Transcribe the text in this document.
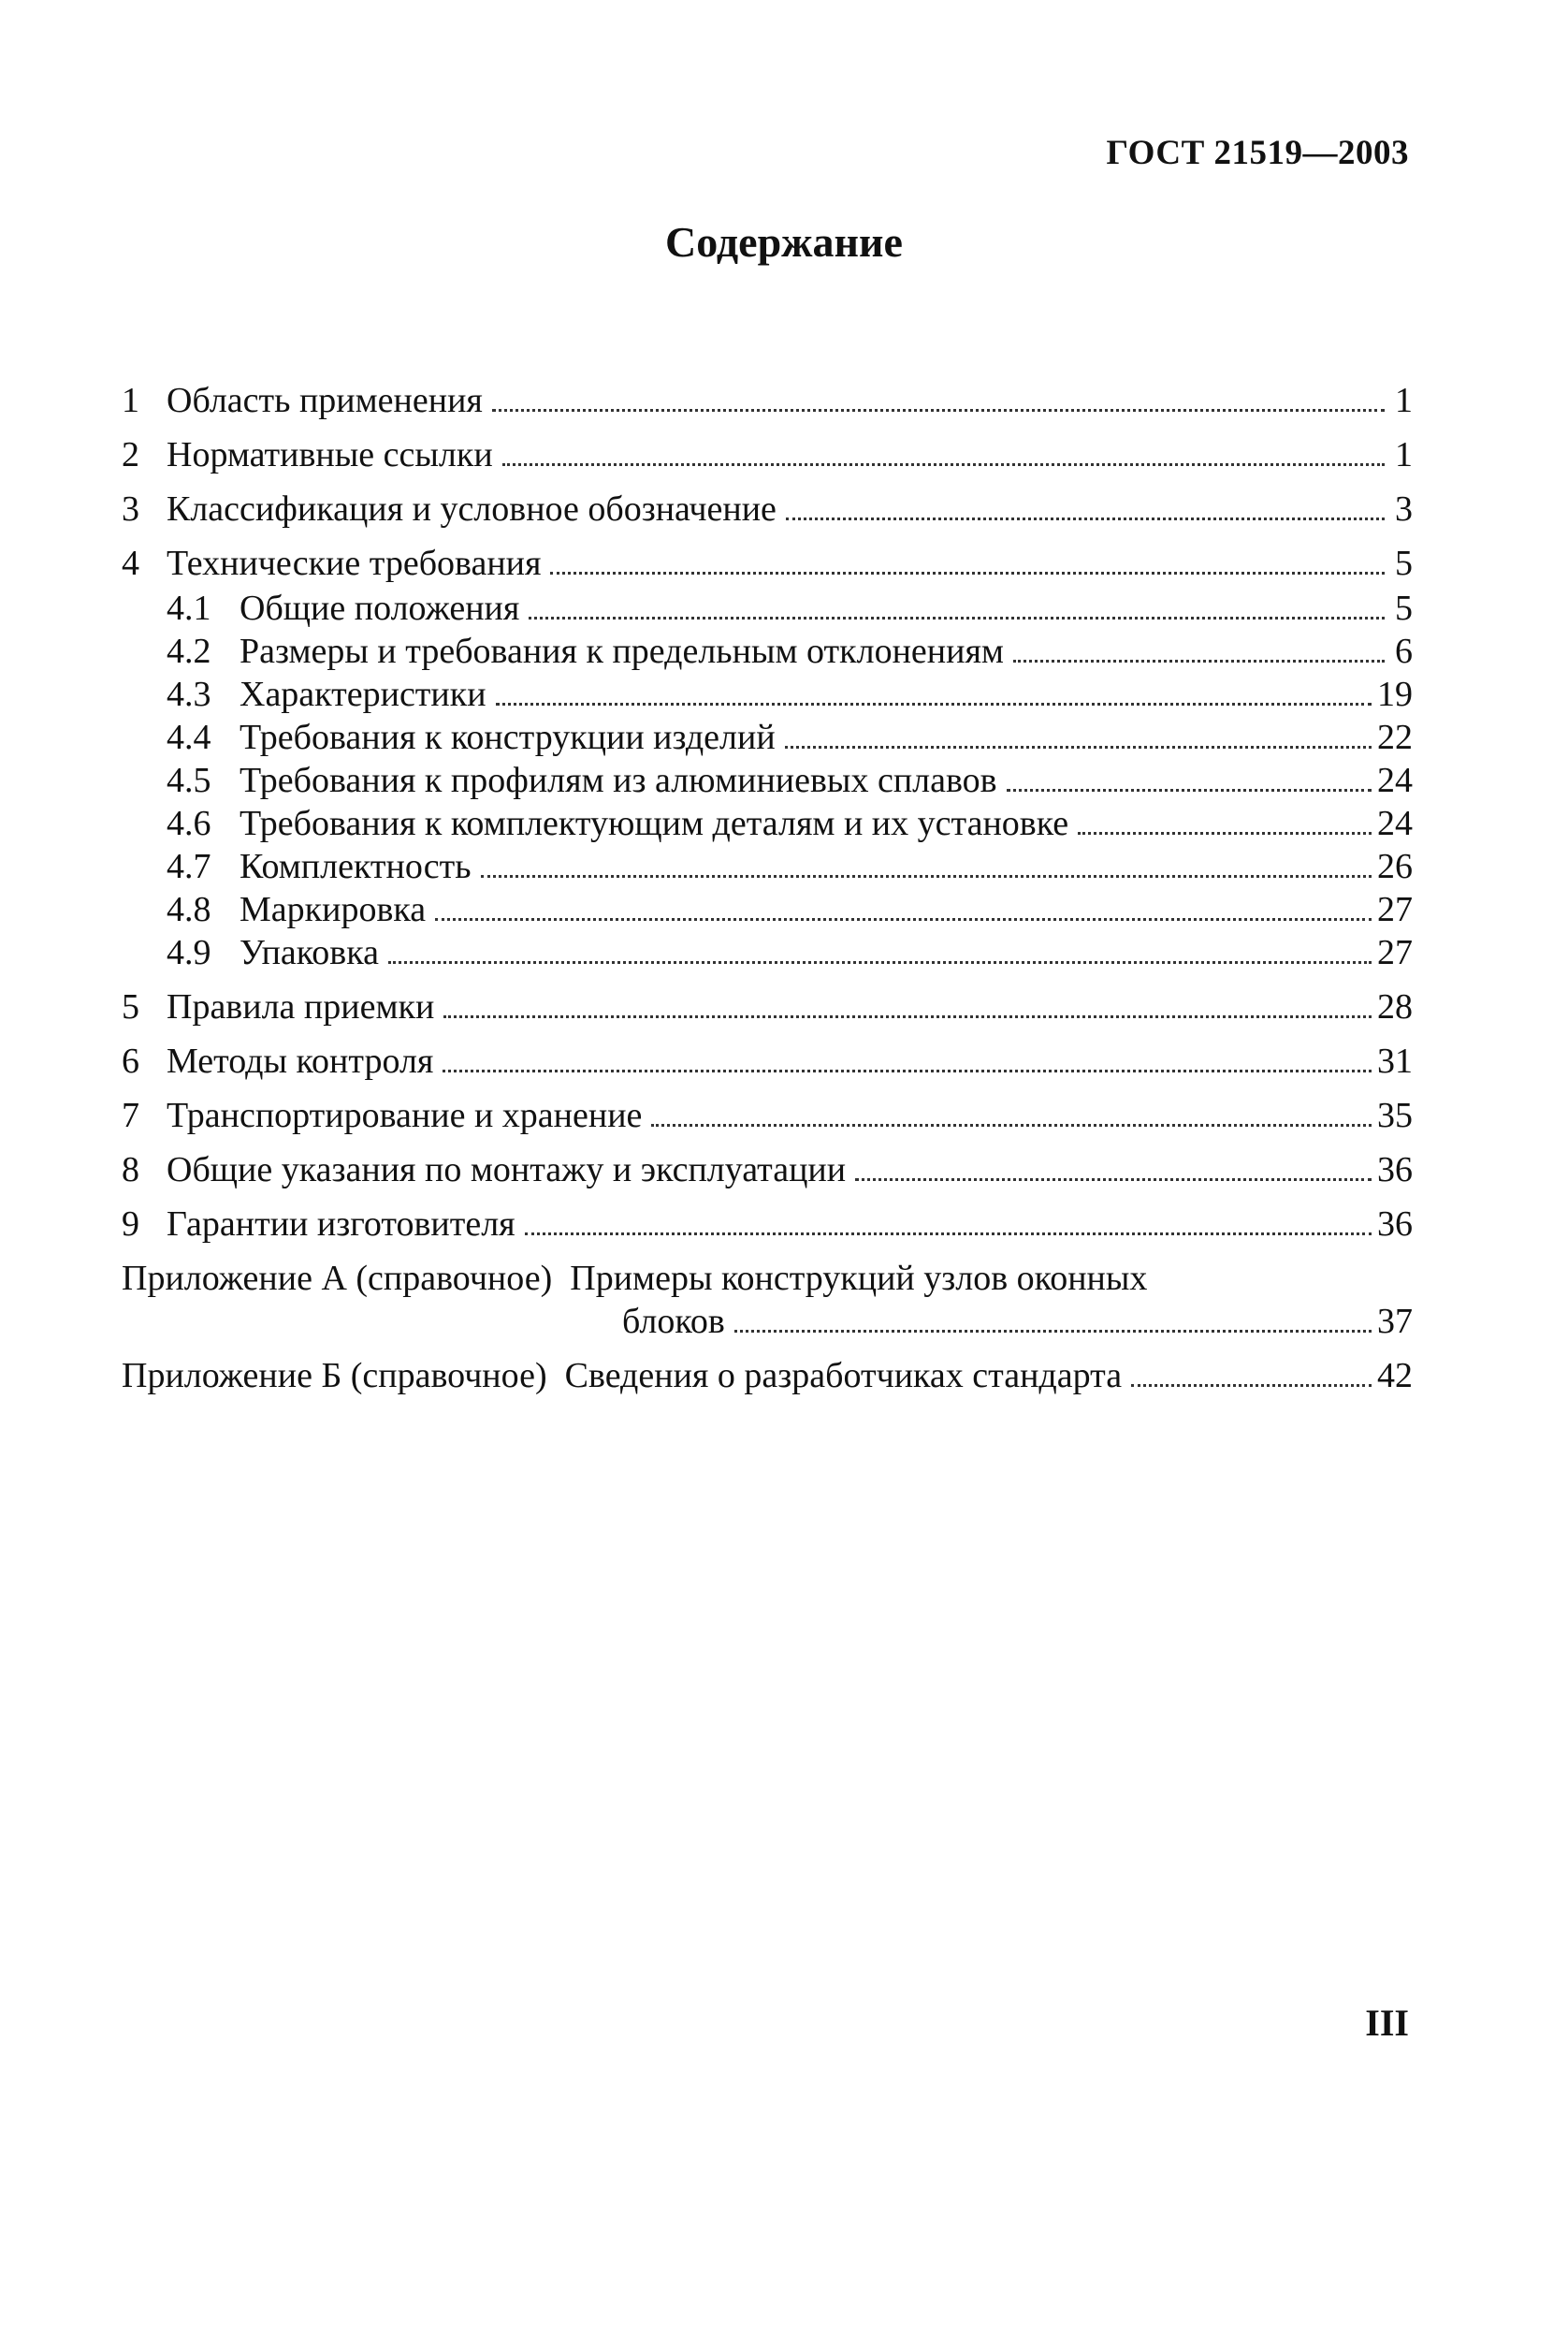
ГОСТ 21519—2003
Содержание
1 Область применения	1
2 Нормативные ссылки	1
3 Классификация и условное обозначение	3
4 Технические требования	5
4.1 Общие положения	5
4.2 Размеры и требования к предельным отклонениям	6
4.3 Характеристики	19
4.4 Требования к конструкции изделий	22
4.5 Требования к профилям из алюминиевых сплавов	24
4.6 Требования к комплектующим деталям и их установке	24
4.7 Комплектность	26
4.8 Маркировка	27
4.9 Упаковка	27
5 Правила приемки	28
6 Методы контроля	31
7 Транспортирование и хранение	35
8 Общие указания по монтажу и эксплуатации	36
9 Гарантии изготовителя	36
Приложение А (справочное)  Примеры конструкций узлов оконных
блоков	37
Приложение Б (справочное)  Сведения о разработчиках стандарта	42
III
